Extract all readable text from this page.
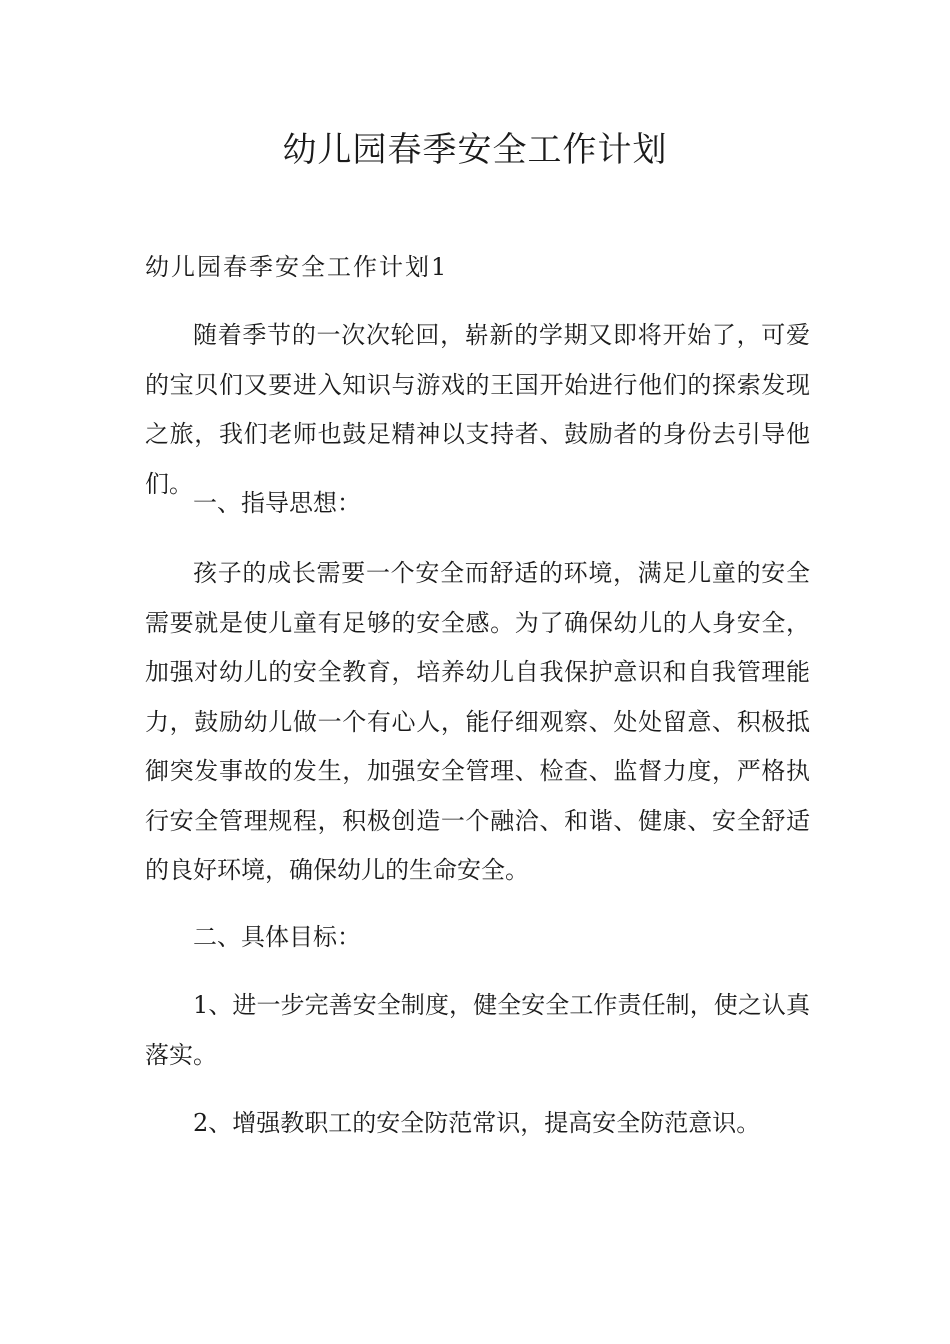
幼儿园春季安全工作计划
幼儿园春季安全工作计划1

随着季节的一次次轮回，崭新的学期又即将开始了，可爱的宝贝们又要进入知识与游戏的王国开始进行他们的探索发现之旅，我们老师也鼓足精神以支持者、鼓励者的身份去引导他们。

一、指导思想：

孩子的成长需要一个安全而舒适的环境，满足儿童的安全需要就是使儿童有足够的安全感。为了确保幼儿的人身安全，加强对幼儿的安全教育，培养幼儿自我保护意识和自我管理能力，鼓励幼儿做一个有心人，能仔细观察、处处留意、积极抵御突发事故的发生，加强安全管理、检查、监督力度，严格执行安全管理规程，积极创造一个融洽、和谐、健康、安全舒适的良好环境，确保幼儿的生命安全。

二、具体目标：

1、进一步完善安全制度，健全安全工作责任制，使之认真落实。

2、增强教职工的安全防范常识，提高安全防范意识。
